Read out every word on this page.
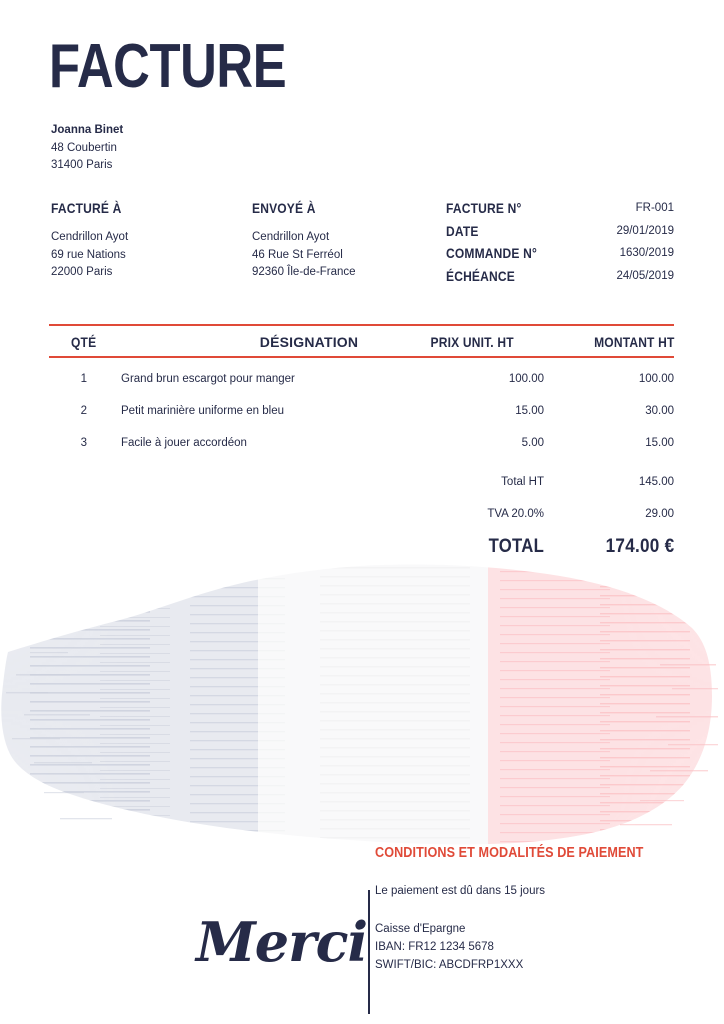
FACTURE
Joanna Binet
48 Coubertin
31400 Paris
FACTURÉ À
Cendrillon Ayot
69 rue Nations
22000 Paris
ENVOYÉ À
Cendrillon Ayot
46 Rue St Ferréol
92360 Île-de-France
FACTURE N°	FR-001
DATE	29/01/2019
COMMANDE N°	1630/2019
ÉCHÉANCE	24/05/2019
QTÉ	DÉSIGNATION	PRIX UNIT. HT	MONTANT HT
1	Grand brun escargot pour manger	100.00	100.00
2	Petit marinière uniforme en bleu	15.00	30.00
3	Facile à jouer accordéon	5.00	15.00
Total HT	145.00
TVA 20.0%	29.00
TOTAL	174.00 €
Merci
CONDITIONS ET MODALITÉS DE PAIEMENT
Le paiement est dû dans 15 jours
Caisse d'Epargne
IBAN: FR12 1234 5678
SWIFT/BIC: ABCDFRP1XXX
